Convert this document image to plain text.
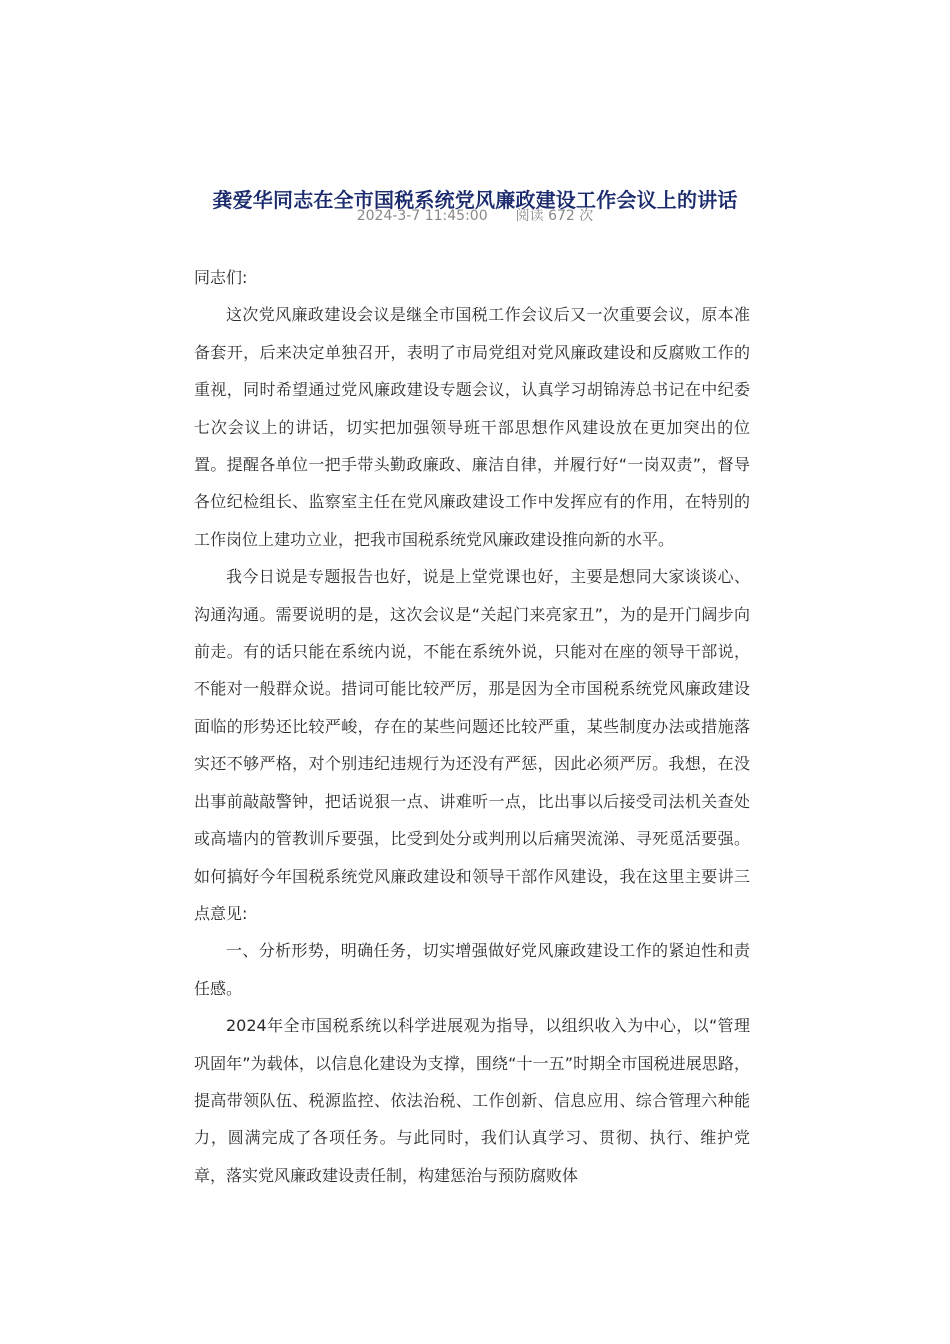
龚爱华同志在全市国税系统党风廉政建设工作会议上的讲话
2024-3-7 11:45:00 阅读 672 次

同志们:

这次党风廉政建设会议是继全市国税工作会议后又一次重要会议，原本准备套开，后来决定单独召开，表明了市局党组对党风廉政建设和反腐败工作的重视，同时希望通过党风廉政建设专题会议，认真学习胡锦涛总书记在中纪委七次会议上的讲话，切实把加强领导班干部思想作风建设放在更加突出的位置。提醒各单位一把手带头勤政廉政、廉洁自律，并履行好“一岗双责”，督导各位纪检组长、监察室主任在党风廉政建设工作中发挥应有的作用，在特别的工作岗位上建功立业，把我市国税系统党风廉政建设推向新的水平。

我今日说是专题报告也好，说是上堂党课也好，主要是想同大家谈谈心、沟通沟通。需要说明的是，这次会议是“关起门来亮家丑”，为的是开门阔步向前走。有的话只能在系统内说，不能在系统外说，只能对在座的领导干部说，不能对一般群众说。措词可能比较严厉，那是因为全市国税系统党风廉政建设面临的形势还比较严峻，存在的某些问题还比较严重，某些制度办法或措施落实还不够严格，对个别违纪违规行为还没有严惩，因此必须严厉。我想，在没出事前敲敲警钟，把话说狠一点、讲难听一点，比出事以后接受司法机关查处或高墙内的管教训斥要强，比受到处分或判刑以后痛哭流涕、寻死觅活要强。如何搞好今年国税系统党风廉政建设和领导干部作风建设，我在这里主要讲三点意见:

一、分析形势，明确任务，切实增强做好党风廉政建设工作的紧迫性和责任感。

2024年全市国税系统以科学进展观为指导，以组织收入为中心，以“管理巩固年”为载体，以信息化建设为支撑，围绕“十一五”时期全市国税进展思路，提高带领队伍、税源监控、依法治税、工作创新、信息应用、综合管理六种能力，圆满完成了各项任务。与此同时，我们认真学习、贯彻、执行、维护党章，落实党风廉政建设责任制，构建惩治与预防腐败体
